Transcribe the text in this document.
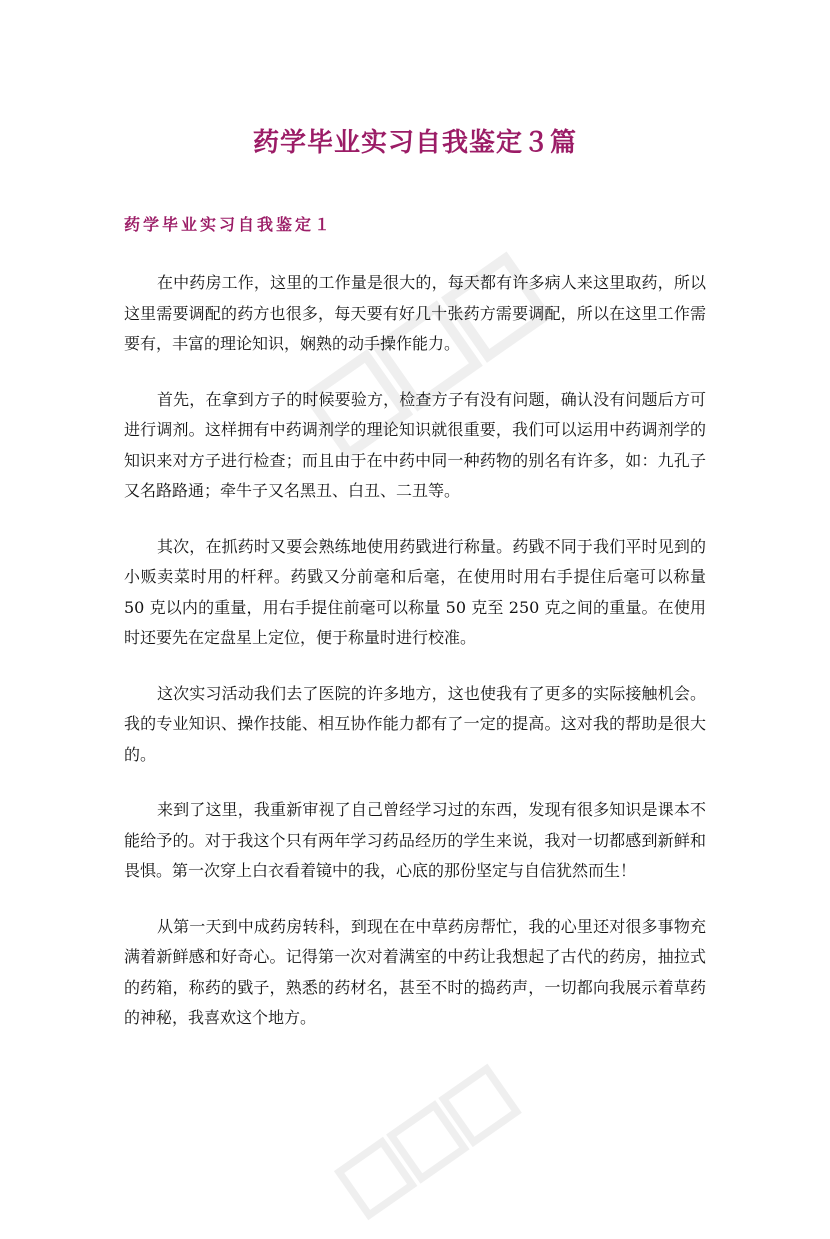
药学毕业实习自我鉴定３篇
药学毕业实习自我鉴定１

在中药房工作，这里的工作量是很大的，每天都有许多病人来这里取药，所以这里需要调配的药方也很多，每天要有好几十张药方需要调配，所以在这里工作需要有，丰富的理论知识，娴熟的动手操作能力。

首先，在拿到方子的时候要验方，检查方子有没有问题，确认没有问题后方可进行调剂。这样拥有中药调剂学的理论知识就很重要，我们可以运用中药调剂学的知识来对方子进行检查；而且由于在中药中同一种药物的别名有许多，如：九孔子又名路路通；牵牛子又名黑丑、白丑、二丑等。

其次，在抓药时又要会熟练地使用药戥进行称量。药戥不同于我们平时见到的小贩卖菜时用的杆秤。药戥又分前毫和后毫，在使用时用右手提住后毫可以称量 50 克以内的重量，用右手提住前毫可以称量 50 克至 250 克之间的重量。在使用时还要先在定盘星上定位，便于称量时进行校准。

这次实习活动我们去了医院的许多地方，这也使我有了更多的实际接触机会。我的专业知识、操作技能、相互协作能力都有了一定的提高。这对我的帮助是很大的。

来到了这里，我重新审视了自己曾经学习过的东西，发现有很多知识是课本不能给予的。对于我这个只有两年学习药品经历的学生来说，我对一切都感到新鲜和畏惧。第一次穿上白衣看着镜中的我，心底的那份坚定与自信犹然而生！

从第一天到中成药房转科，到现在在中草药房帮忙，我的心里还对很多事物充满着新鲜感和好奇心。记得第一次对着满室的中药让我想起了古代的药房，抽拉式的药箱，称药的戥子，熟悉的药材名，甚至不时的捣药声，一切都向我展示着草药的神秘，我喜欢这个地方。
